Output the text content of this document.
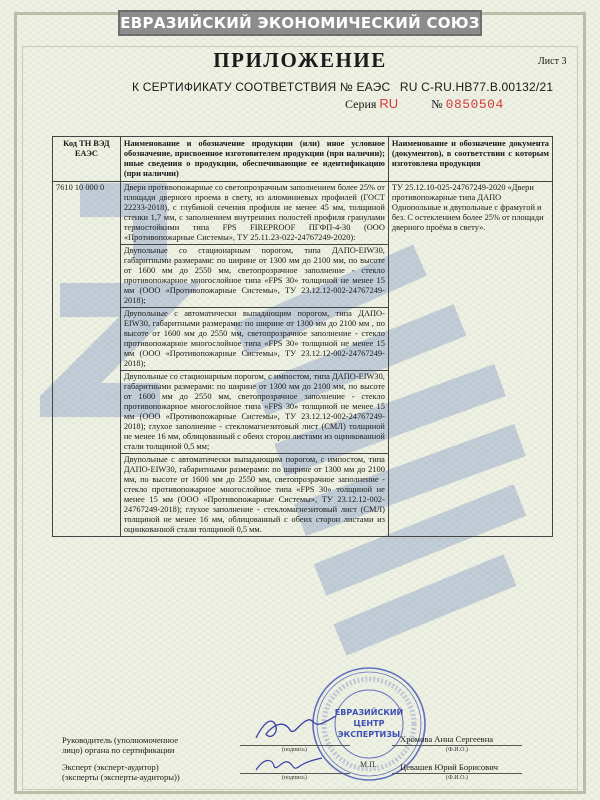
ЕВРАЗИЙСКИЙ ЭКОНОМИЧЕСКИЙ СОЮЗ
ПРИЛОЖЕНИЕ	Лист 3
К СЕРТИФИКАТУ СООТВЕТСТВИЯ № ЕАЭС RU C-RU.НВ77.В.00132/21
Серия RU	№ 0850504
Код ТН ВЭД ЕАЭС	Наименование и обозначение продукции (или) иное условное обозначение, присвоенное изготовителем продукции (при наличии); иные сведения о продукции, обеспечивающие ее идентификацию (при наличии)	Наименование и обозначение документа (документов), в соответствии с которым изготовлена продукция
7610 10 000 0	Двери противопожарные со светопрозрачным заполнением более 25% от площади дверного проема в свету, из алюминиевых профилей (ГОСТ 22233-2018), с глубиной сечения профиля не менее 45 мм, толщиной стенки 1,7 мм, с заполнением внутренних полостей профиля гранулами термостойкими типа FPS FIREPROOF ПГФП-4-30 (ООО «Противопожарные Системы», ТУ 25.11.23-022-24767249-2020):	ТУ 25.12.10-025-24767249-2020 «Двери противопожарные типа ДАПО Однопольные и двупольные с фрамугой и без. С остеклением более 25% от площади дверного проёма в свету».
	Двупольные со стационарным порогом, типа ДАПО-EIW30, габаритными размерами: по ширине от 1300 мм до 2100 мм, по высоте от 1600 мм до 2550 мм, светопрозрачное заполнение - стекло противопожарное многослойное типа «FPS 30» толщиной не менее 15 мм (ООО «Противопожарные Системы», ТУ 23.12.12-002-24767249-2018);	
	Двупольные с автоматически выпадающим порогом, типа ДАПО-EIW30, габаритными размерами: по ширине от 1300 мм до 2100 мм , по высоте от 1600 мм до 2550 мм, светопрозрачное заполнение - стекло противопожарное многослойное типа «FPS 30» толщиной не менее 15 мм (ООО «Противопожарные Системы», ТУ 23.12.12-002-24767249-2018);	
	Двупольные со стационарным порогом, с импостом, типа ДАПО-EIW30, габаритными размерами: по ширине от 1300 мм до 2100 мм, по высоте от 1600 мм до 2550 мм, светопрозрачное заполнение - стекло противопожарное многослойное типа «FPS 30» толщиной не менее 15 мм (ООО «Противопожарные Системы», ТУ 23.12.12-002-24767249-2018); глухое заполнение - стекломагнезитовый лист (СМЛ) толщиной не менее 16 мм, облицованный с обеих сторон листами из оцинкованной стали толщиной 0,5 мм;	
	Двупольные с автоматически выпадающим порогом, с импостом, типа ДАПО-EIW30, габаритными размерами: по ширине от 1300 мм до 2100 мм, по высоте от 1600 мм до 2550 мм, светопрозрачное заполнение - стекло противопожарное многослойное типа «FPS 30» толщиной не менее 15 мм (ООО «Противопожарные Системы», ТУ 23.12.12-002-24767249-2018); глухое заполнение - стекломагнезитовый лист (СМЛ) толщиной не менее 16 мм, облицованный с обеих сторон листами из оцинкованной стали толщиной 0,5 мм.	
ЕВРАЗИЙСКИЙ
ЦЕНТР
ЭКСПЕРТИЗЫ
Руководитель (уполномоченное
лицо) органа по сертификации	(подпись)
Хромова Анна Сергеевна
(Ф.И.О.)
М.П.
Эксперт (эксперт-аудитор)
(эксперты (эксперты-аудиторы))	(подпись)
Цевашев Юрий Борисович
(Ф.И.О.)
